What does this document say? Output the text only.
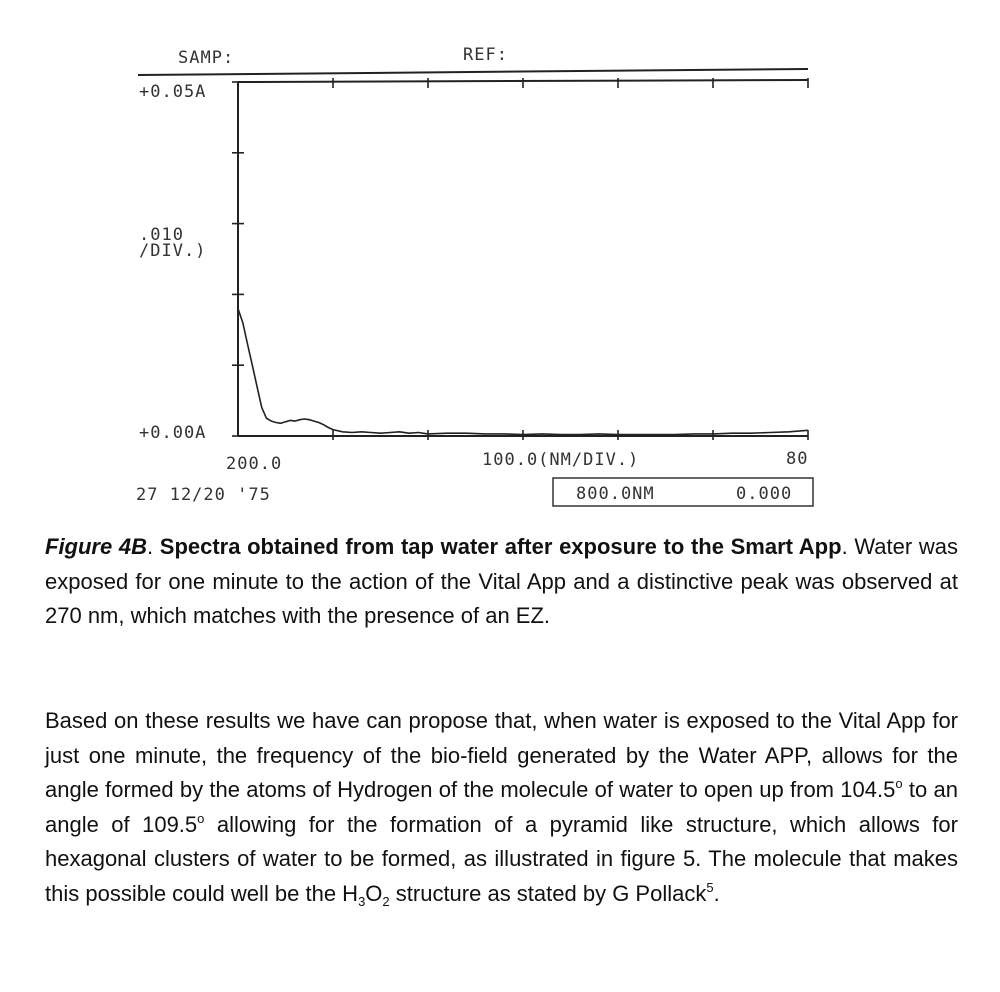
SAMP:	REF:
+0.05A
.010
/DIV.)
+0.00A
200.0	100.0(NM/DIV.)	80
27 12/20 '75	800.0NM	0.000

Figure 4B. Spectra obtained from tap water after exposure to the Smart App. Water was exposed for one minute to the action of the Vital App and a distinctive peak was observed at 270 nm, which matches with the presence of an EZ.

Based on these results we have can propose that, when water is exposed to the Vital App for just one minute, the frequency of the bio-field generated by the Water APP, allows for the angle formed by the atoms of Hydrogen of the molecule of water to open up from 104.5$^o$ to an angle of 109.5$^o$ allowing for the formation of a pyramid like structure, which allows for hexagonal clusters of water to be formed, as illustrated in figure 5. The molecule that makes this possible could well be the $H_3O_2$ structure as stated by G Pollack$^5$.
